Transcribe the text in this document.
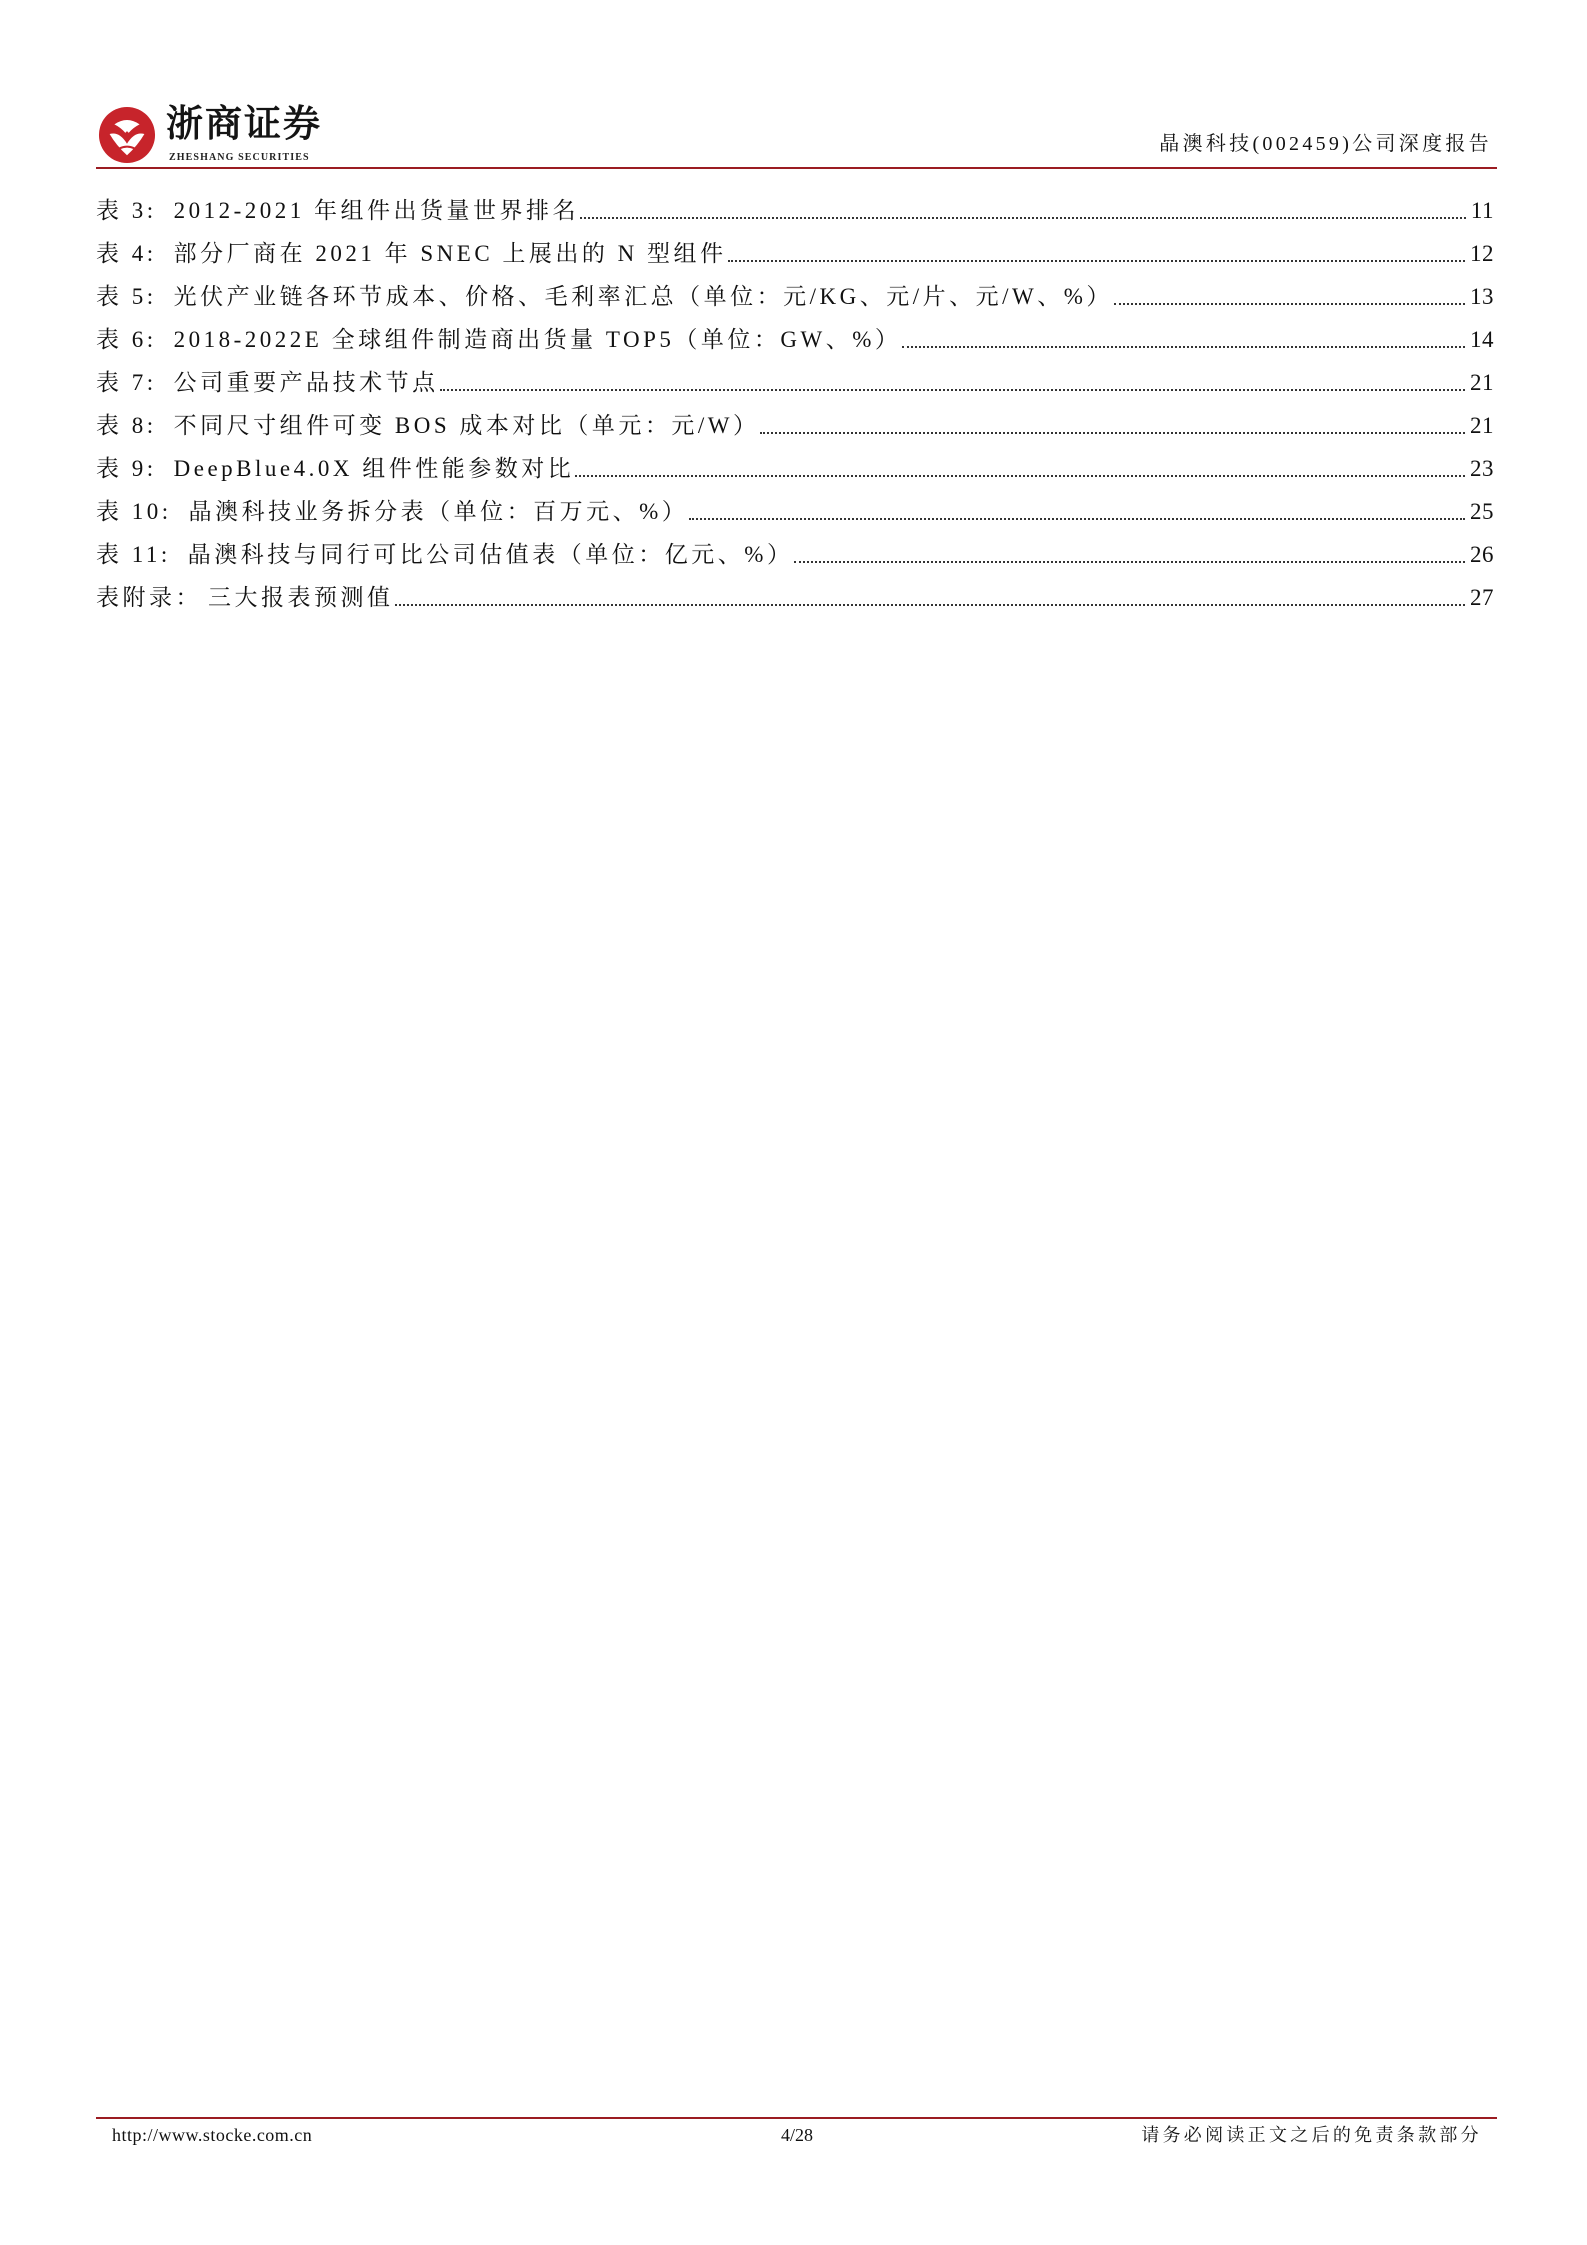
浙商证券
ZHESHANG SECURITIES
晶澳科技(002459)公司深度报告
表 3: 2012-2021 年组件出货量世界排名	11
表 4: 部分厂商在 2021 年 SNEC 上展出的 N 型组件	12
表 5: 光伏产业链各环节成本、价格、毛利率汇总（单位：元/KG、元/片、元/W、%）	13
表 6: 2018-2022E 全球组件制造商出货量 TOP5（单位：GW、%）	14
表 7: 公司重要产品技术节点	21
表 8: 不同尺寸组件可变 BOS 成本对比（单元：元/W）	21
表 9: DeepBlue4.0X 组件性能参数对比	23
表 10: 晶澳科技业务拆分表（单位：百万元、%）	25
表 11: 晶澳科技与同行可比公司估值表（单位：亿元、%）	26
表附录： 三大报表预测值	27
http://www.stocke.com.cn	4/28	请务必阅读正文之后的免责条款部分
